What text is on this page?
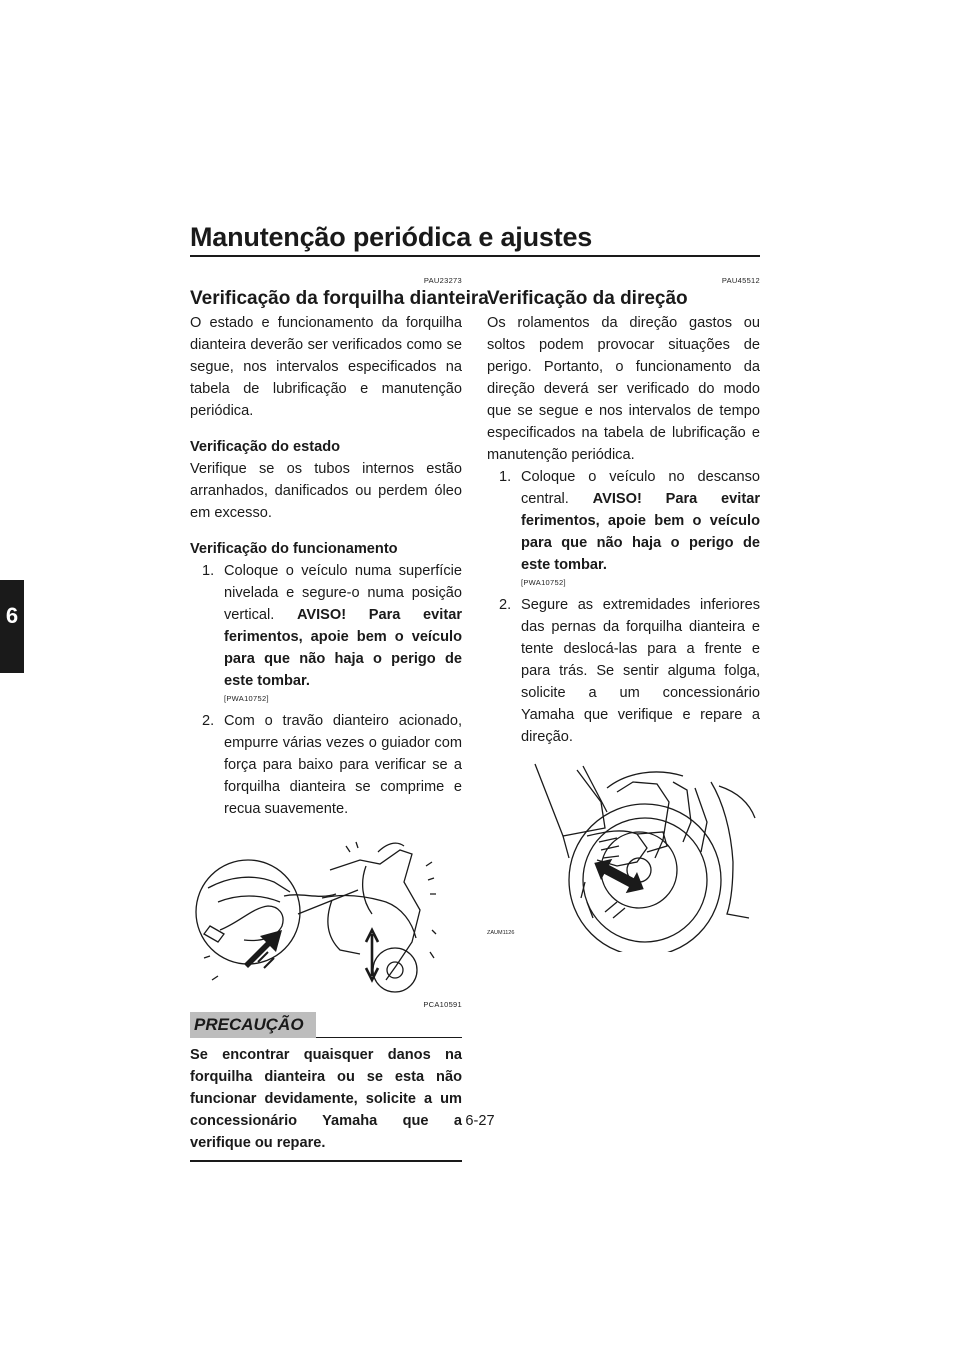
Manutenção periódica e ajustes
6
PAU23273
Verificação da forquilha dianteira

O estado e funcionamento da forquilha dianteira deverão ser verificados como se segue, nos intervalos especificados na tabela de lubrificação e manutenção periódica.

Verificação do estado

Verifique se os tubos internos estão arranhados, danificados ou perdem óleo em excesso.

Verificação do funcionamento
1. Coloque o veículo numa superfície nivelada e segure-o numa posição vertical. AVISO! Para evitar ferimentos, apoie bem o veículo para que não haja o perigo de este tombar.
[PWA10752]
2. Com o travão dianteiro acionado, empurre várias vezes o guiador com força para baixo para verificar se a forquilha dianteira se comprime e recua suavemente.
PCA10591
PRECAUÇÃO
Se encontrar quaisquer danos na forquilha dianteira ou se esta não funcionar devidamente, solicite a um concessionário Yamaha que a verifique ou repare.
PAU45512
Verificação da direção

Os rolamentos da direção gastos ou soltos podem provocar situações de perigo. Portanto, o funcionamento da direção deverá ser verificado do modo que se segue e nos intervalos de tempo especificados na tabela de lubrificação e manutenção periódica.

1. Coloque o veículo no descanso central. AVISO! Para evitar ferimentos, apoie bem o veículo para que não haja o perigo de este tombar.
[PWA10752]
2. Segure as extremidades inferiores das pernas da forquilha dianteira e tente deslocá-las para a frente e para trás. Se sentir alguma folga, solicite a um concessionário Yamaha que verifique e repare a direção.
ZAUM1126
6-27
